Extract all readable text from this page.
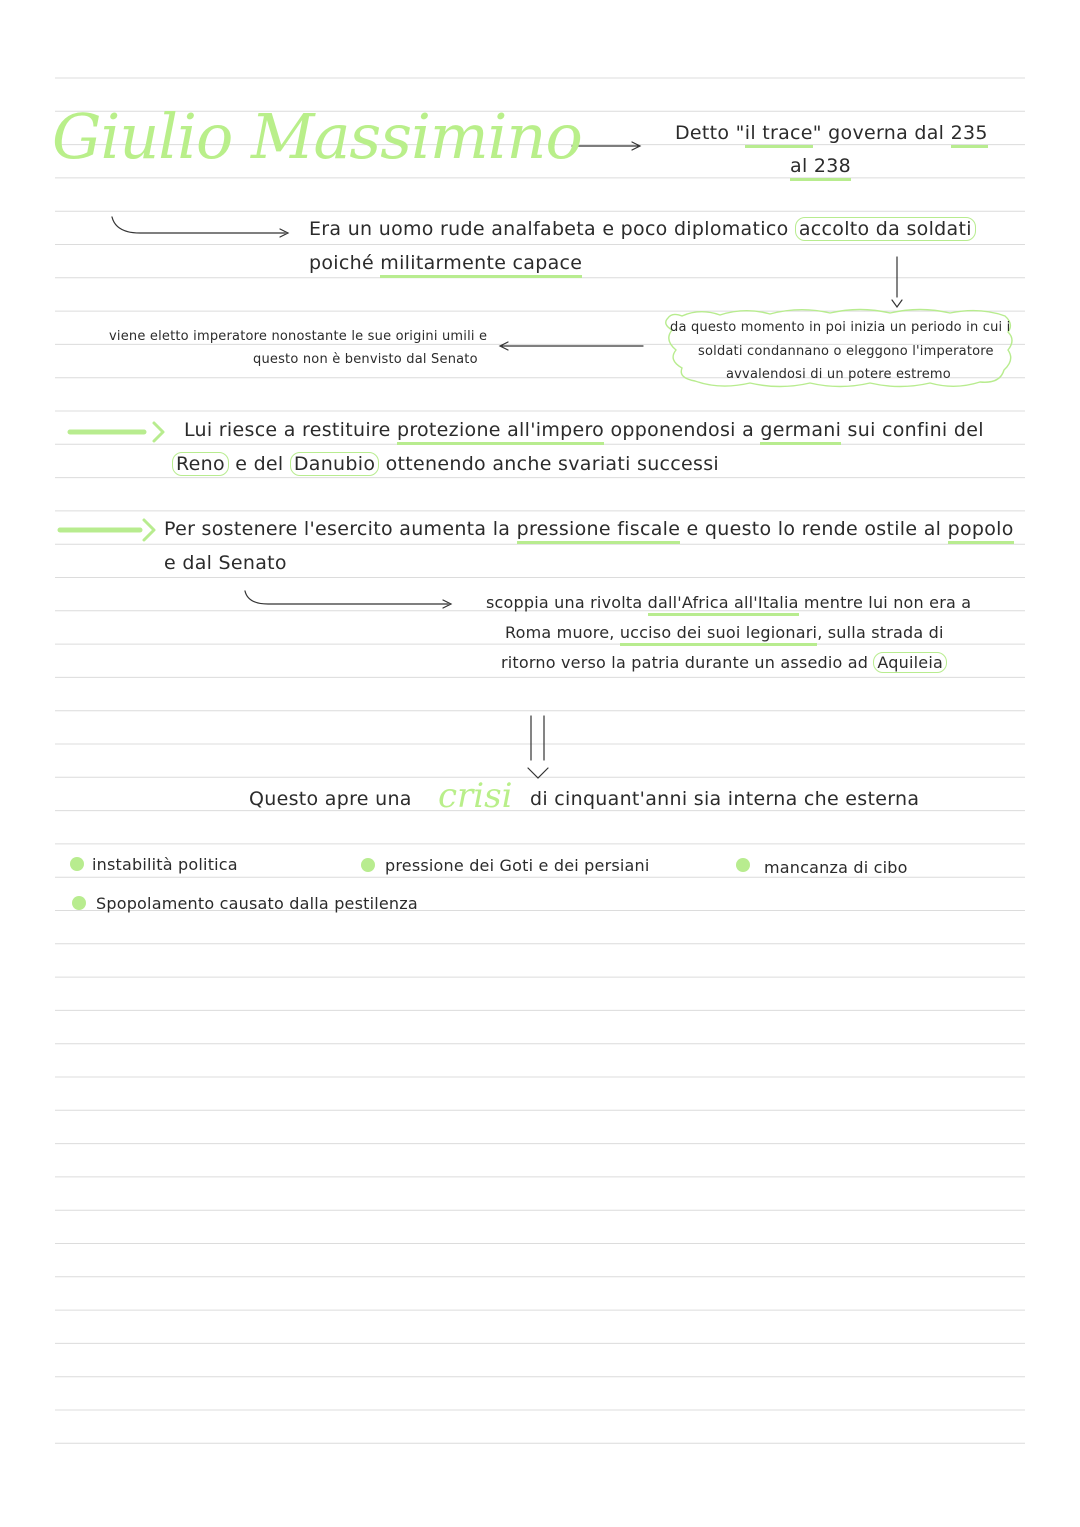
Giulio Massimino	Detto "il trace" governa dal 235
al 238
Era un uomo rude analfabeta e poco diplomatico accolto da soldati
poiché militarmente capace
viene eletto imperatore nonostante le sue origini umili e
questo non è benvisto dal Senato
da questo momento in poi inizia un periodo in cui i
soldati condannano o eleggono l'imperatore
avvalendosi di un potere estremo
Lui riesce a restituire protezione all'impero opponendosi a germani sui confini del
Reno e del Danubio ottenendo anche svariati successi
Per sostenere l'esercito aumenta la pressione fiscale e questo lo rende ostile al popolo
e dal Senato
scoppia una rivolta dall'Africa all'Italia mentre lui non era a
Roma muore, ucciso dei suoi legionari, sulla strada di
ritorno verso la patria durante un assedio ad Aquileia
Questo apre una crisi di cinquant'anni sia interna che esterna
instabilità politica	pressione dei Goti e dei persiani	mancanza di cibo
Spopolamento causato dalla pestilenza
